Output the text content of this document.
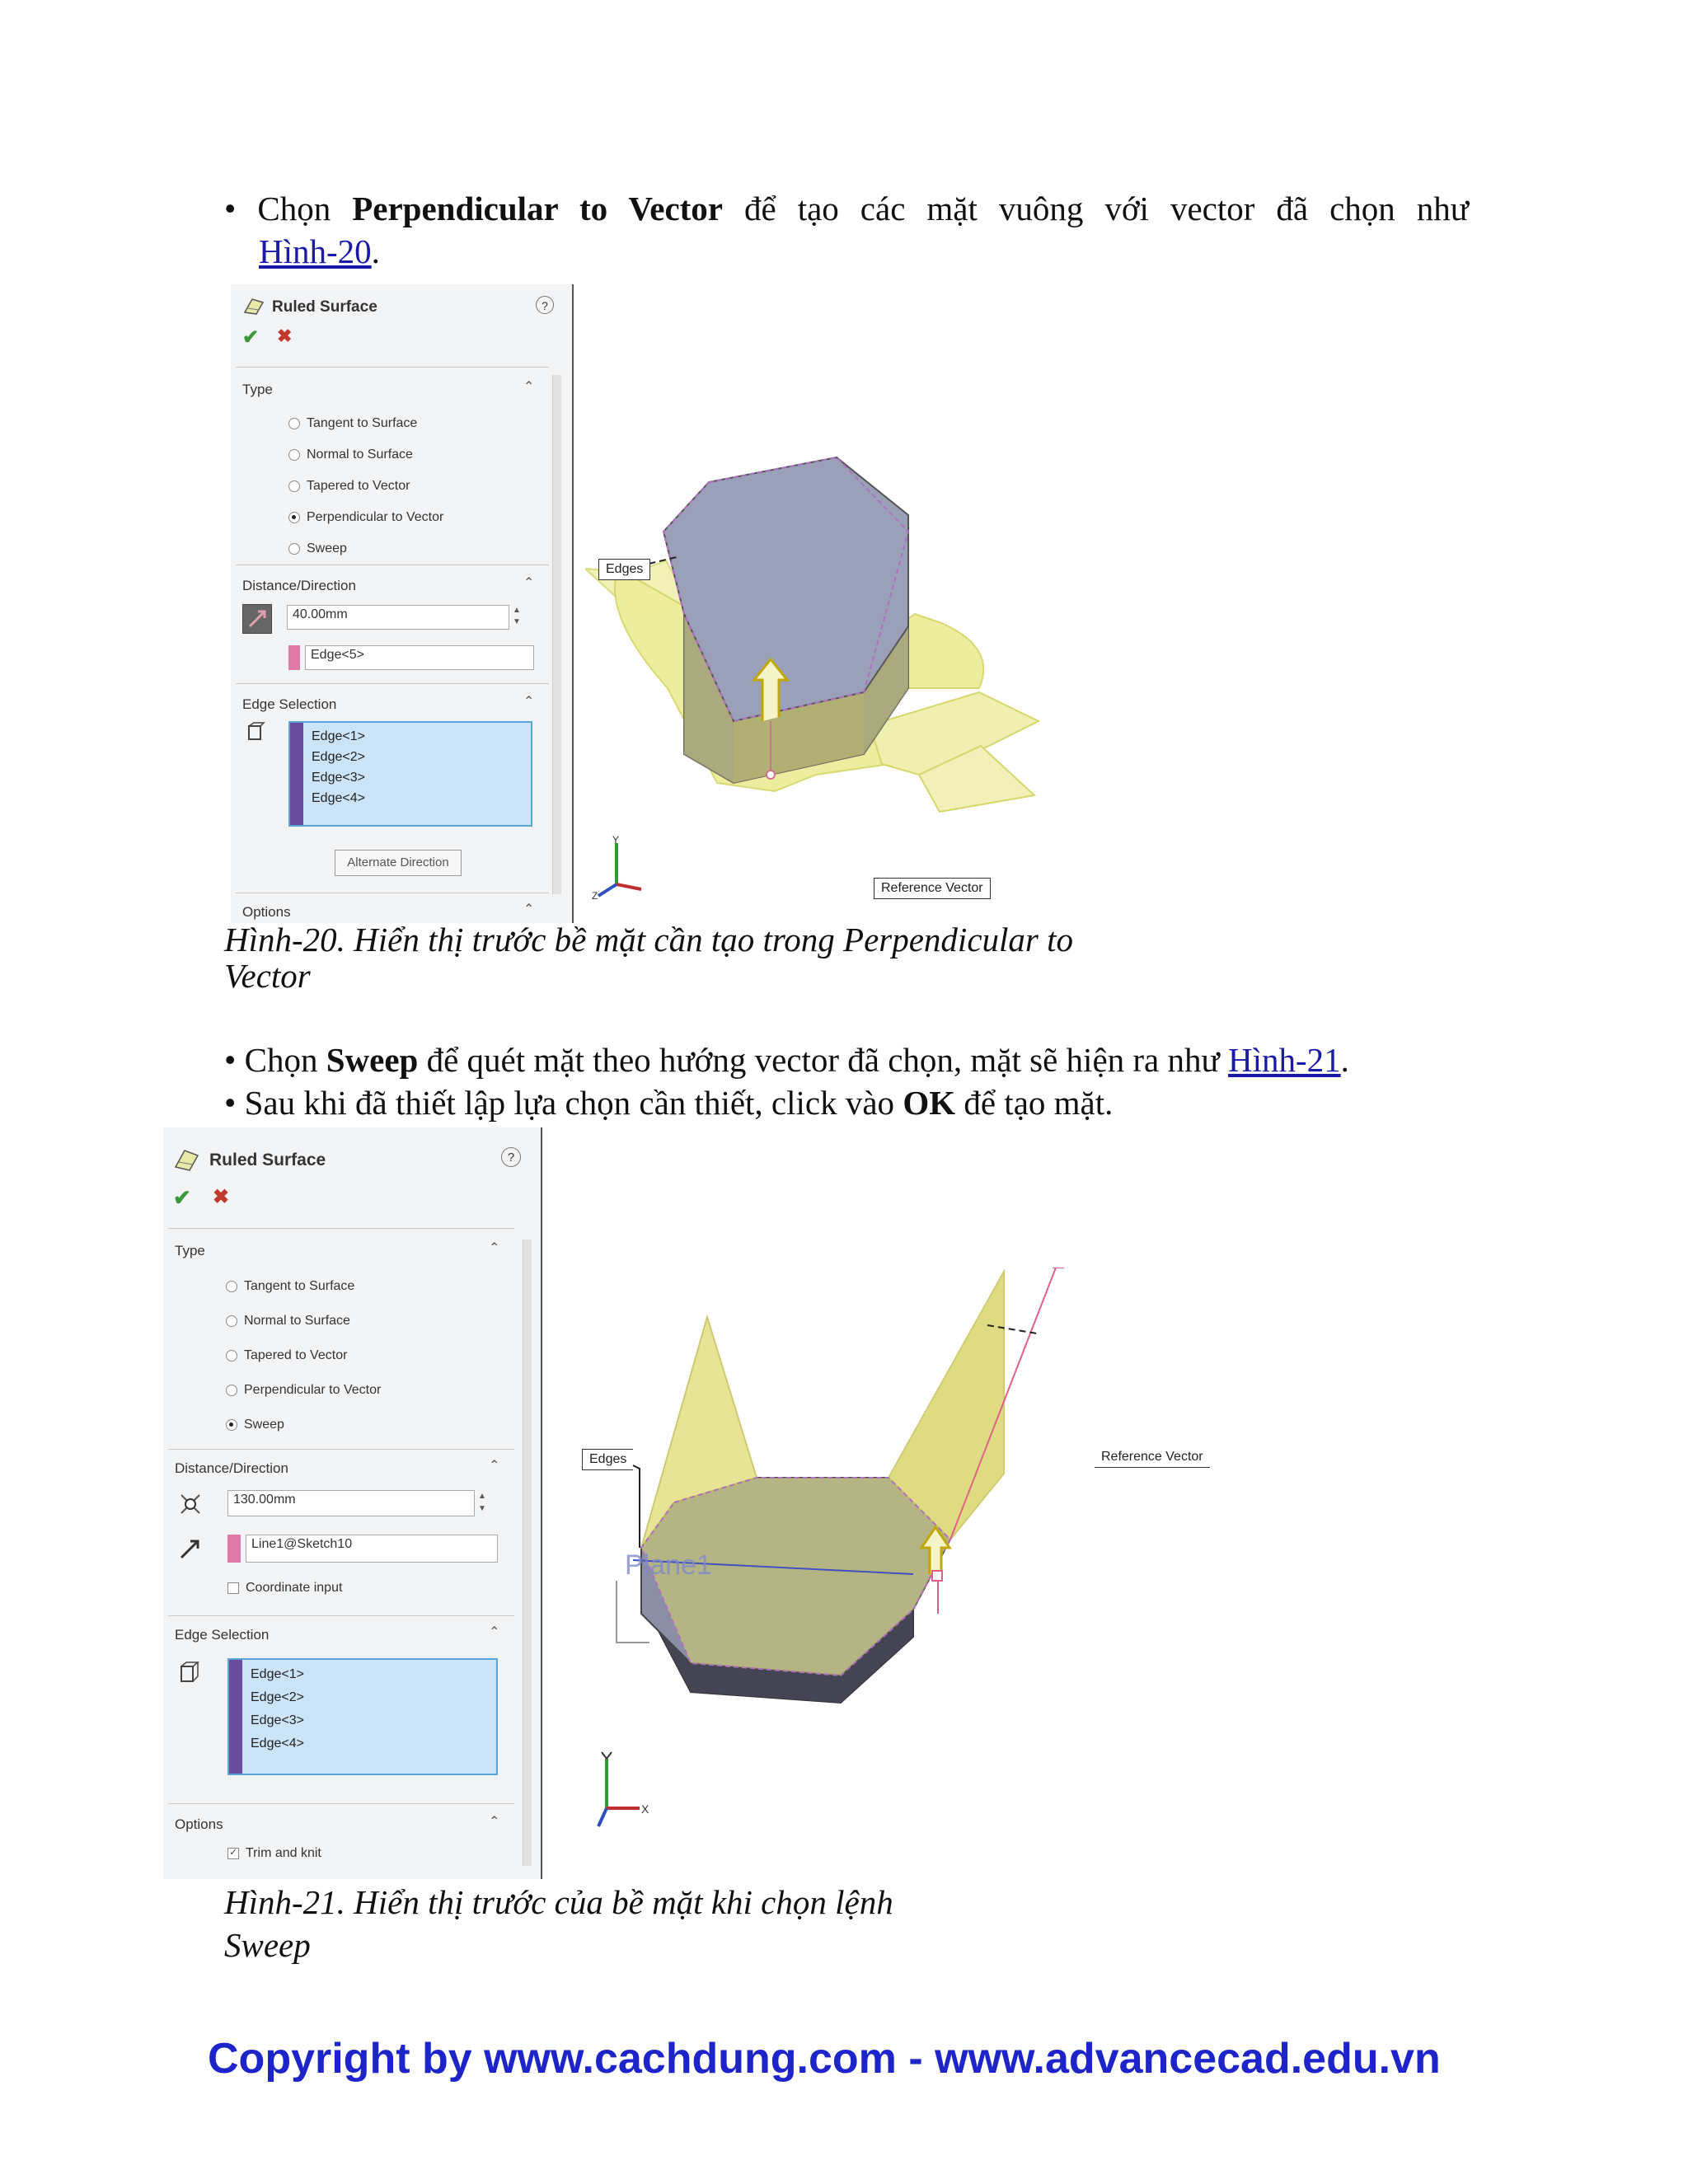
• Chọn Perpendicular to Vector để tạo các mặt vuông với vector đã chọn như
Hình-20.
Ruled Surface	?
✔ ✖
Type	⌃
Tangent to Surface
Normal to Surface
Tapered to Vector
Perpendicular to Vector
Sweep
Distance/Direction	⌃
40.00mm	▲
▼
Edge<5>
Edge Selection	⌃
Edge<1>
Edge<2>
Edge<3>
Edge<4>
Alternate Direction
Options	⌃
Edges
Reference Vector
Y
Z
Hình-20. Hiển thị trước bề mặt cần tạo trong Perpendicular to
Vector
• Chọn Sweep để quét mặt theo hướng vector đã chọn, mặt sẽ hiện ra như Hình-21.
• Sau khi đã thiết lập lựa chọn cần thiết, click vào OK để tạo mặt.
Ruled Surface	?
✔ ✖
Type	⌃
Tangent to Surface
Normal to Surface
Tapered to Vector
Perpendicular to Vector
Sweep
Distance/Direction	⌃
130.00mm	▲
▼
Line1@Sketch10
Coordinate input
Edge Selection	⌃
Edge<1>
Edge<2>
Edge<3>
Edge<4>
Options	⌃
✓ Trim and knit
Plane1
Edges	Reference Vector
X
Hình-21. Hiển thị trước của bề mặt khi chọn lệnh
Sweep
Copyright by www.cachdung.com - www.advancecad.edu.vn
